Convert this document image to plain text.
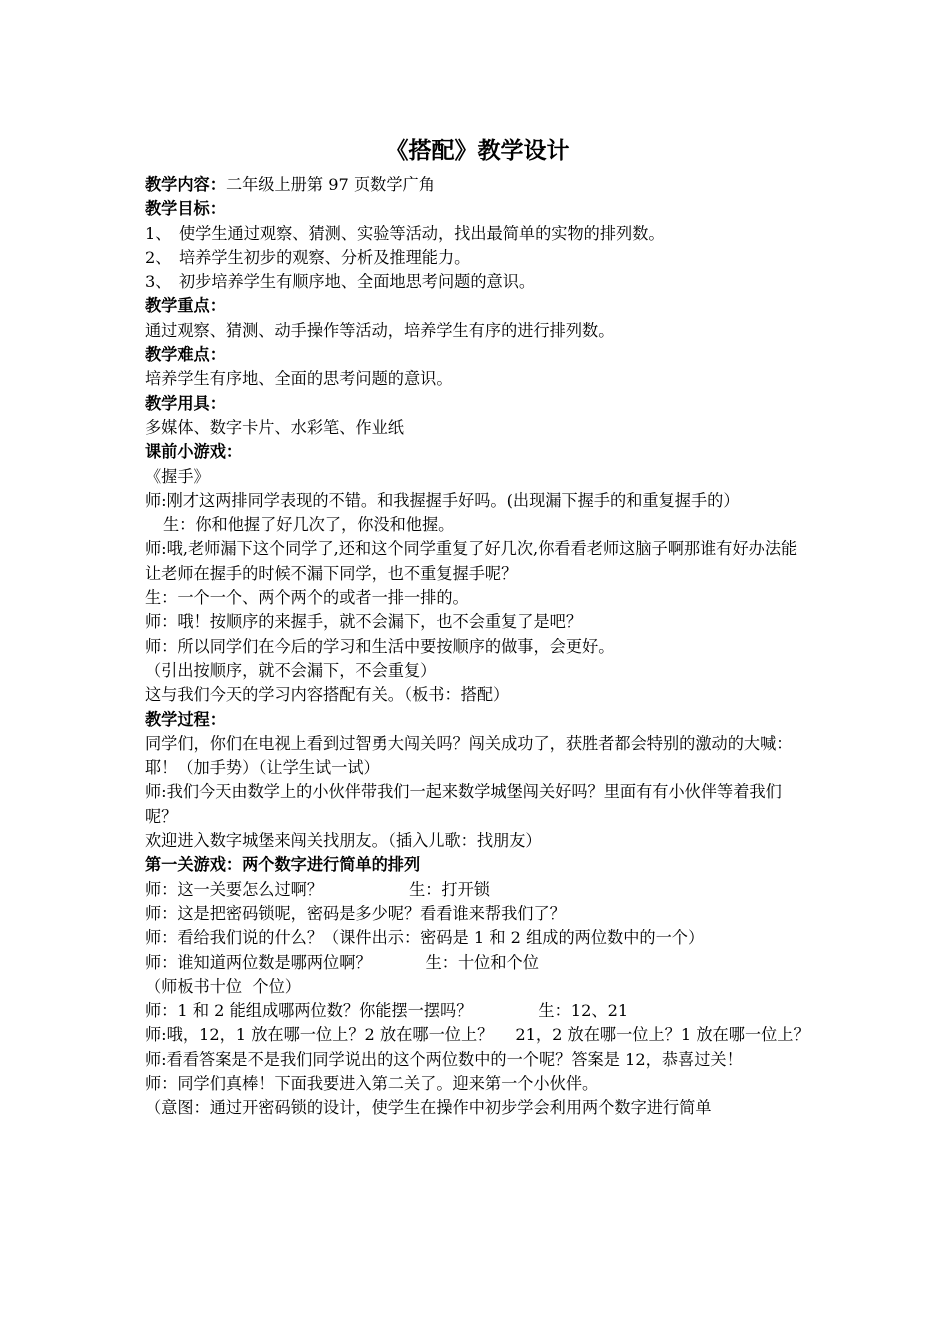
《搭配》教学设计

教学内容：二年级上册第 97 页数学广角

教学目标：

1、 使学生通过观察、猜测、实验等活动，找出最简单的实物的排列数。

2、 培养学生初步的观察、分析及推理能力。

3、 初步培养学生有顺序地、全面地思考问题的意识。

教学重点：

通过观察、猜测、动手操作等活动，培养学生有序的进行排列数。

教学难点：

培养学生有序地、全面的思考问题的意识。

教学用具：

多媒体、数字卡片、水彩笔、作业纸

课前小游戏：

《握手》

师:刚才这两排同学表现的不错。和我握握手好吗。(出现漏下握手的和重复握手的）

生：你和他握了好几次了，你没和他握。

师:哦,老师漏下这个同学了,还和这个同学重复了好几次,你看看老师这脑子啊那谁有好办法能让老师在握手的时候不漏下同学，也不重复握手呢？

生：一个一个、两个两个的或者一排一排的。

师：哦！按顺序的来握手，就不会漏下，也不会重复了是吧？

师：所以同学们在今后的学习和生活中要按顺序的做事，会更好。

（引出按顺序，就不会漏下，不会重复）

这与我们今天的学习内容搭配有关。（板书：搭配）

教学过程：

同学们，你们在电视上看到过智勇大闯关吗？闯关成功了，获胜者都会特别的激动的大喊：耶！（加手势）（让学生试一试）

师:我们今天由数学上的小伙伴带我们一起来数学城堡闯关好吗？里面有有小伙伴等着我们呢？

欢迎进入数字城堡来闯关找朋友。（插入儿歌：找朋友）

第一关游戏：两个数字进行简单的排列

师：这一关要怎么过啊？	生：打开锁

师：这是把密码锁呢，密码是多少呢？看看谁来帮我们了？

师：看给我们说的什么？（课件出示：密码是 1 和 2 组成的两位数中的一个）

师：谁知道两位数是哪两位啊？	生：十位和个位

（师板书十位  个位）

师：1 和 2 能组成哪两位数？你能摆一摆吗？	生：12、21

师:哦，12，1 放在哪一位上？2 放在哪一位上？ 21，2 放在哪一位上？1 放在哪一位上？

师:看看答案是不是我们同学说出的这个两位数中的一个呢？答案是 12，恭喜过关！

师：同学们真棒！下面我要进入第二关了。迎来第一个小伙伴。

（意图：通过开密码锁的设计，使学生在操作中初步学会利用两个数字进行简单
